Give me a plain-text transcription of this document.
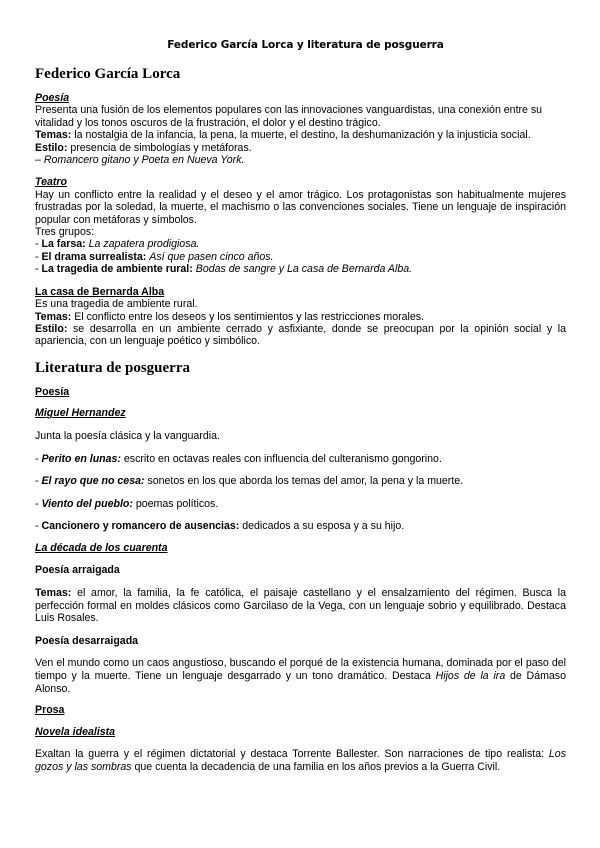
Federico García Lorca y literatura de posguerra
Federico García Lorca
Poesía

Presenta una fusión de los elementos populares con las innovaciones vanguardistas, una conexión entre su vitalidad y los tonos oscuros de la frustración, el dolor y el destino trágico.

Temas: la nostalgia de la infancia, la pena, la muerte, el destino, la deshumanización y la injusticia social.

Estilo: presencia de simbologías y metáforas.

– Romancero gitano y Poeta en Nueva York.

Teatro

Hay un conflicto entre la realidad y el deseo y el amor trágico. Los protagonistas son habitualmente mujeres frustradas por la soledad, la muerte, el machismo o las convenciones sociales. Tiene un lenguaje de inspiración popular con metáforas y símbolos.

Tres grupos:

- La farsa: La zapatera prodigiosa.

- El drama surrealista: Así que pasen cinco años.

- La tragedia de ambiente rural: Bodas de sangre y La casa de Bernarda Alba.

La casa de Bernarda Alba

Es una tragedia de ambiente rural.

Temas: El conflicto entre los deseos y los sentimientos y las restricciones morales.

Estilo: se desarrolla en un ambiente cerrado y asfixiante, donde se preocupan por la opinión social y la apariencia, con un lenguaje poético y simbólico.

Literatura de posguerra
Poesía
Miguel Hernandez

Junta la poesía clásica y la vanguardia.

- Perito en lunas: escrito en octavas reales con influencia del culteranismo gongorino.

- El rayo que no cesa: sonetos en los que aborda los temas del amor, la pena y la muerte.

- Viento del pueblo: poemas políticos.

- Cancionero y romancero de ausencias: dedicados a su esposa y a su hijo.

La década de los cuarenta

Poesía arraigada

Temas: el amor, la familia, la fe católica, el paisaje castellano y el ensalzamiento del régimen. Busca la perfección formal en moldes clásicos como Garcilaso de la Vega, con un lenguaje sobrio y equilibrado. Destaca Luis Rosales.

Poesía desarraigada

Ven el mundo como un caos angustioso, buscando el porqué de la existencia humana, dominada por el paso del tiempo y la muerte. Tiene un lenguaje desgarrado y un tono dramático. Destaca Hijos de la ira de Dámaso Alonso.

Prosa
Novela idealista

Exaltan la guerra y el régimen dictatorial y destaca Torrente Ballester. Son narraciones de tipo realista: Los gozos y las sombras que cuenta la decadencia de una familia en los años previos a la Guerra Civil.
